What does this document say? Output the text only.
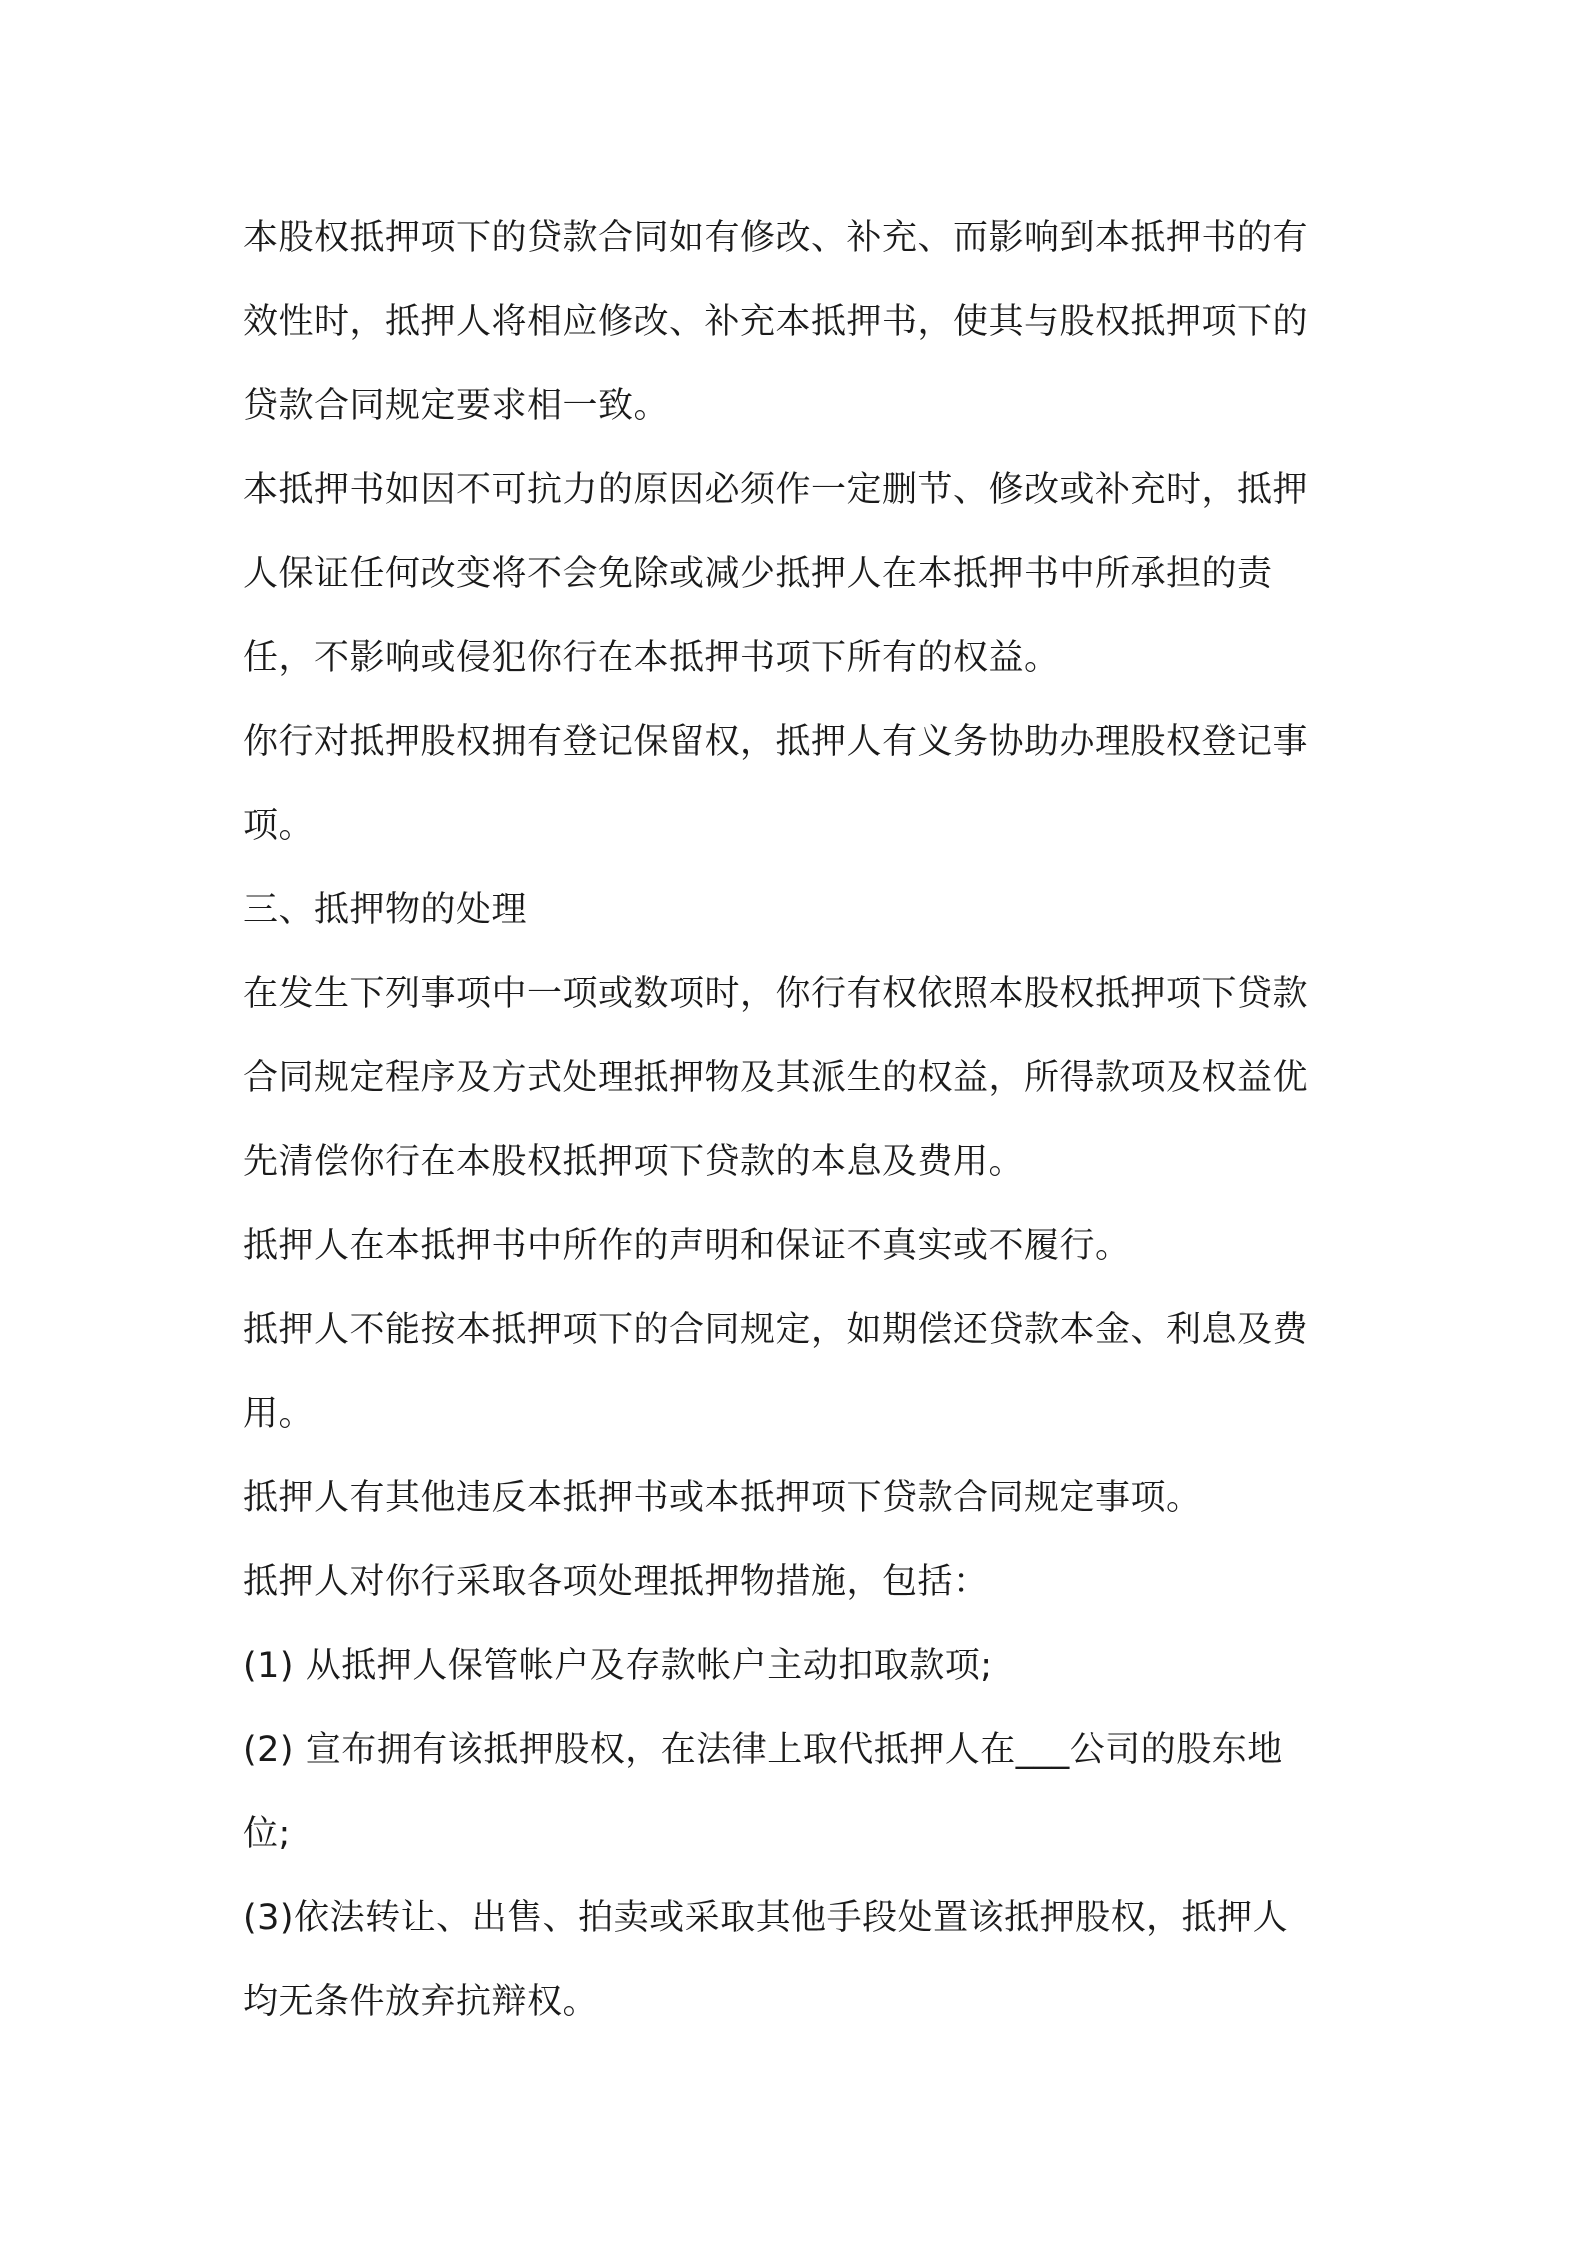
本股权抵押项下的贷款合同如有修改、补充、而影响到本抵押书的有
效性时，抵押人将相应修改、补充本抵押书，使其与股权抵押项下的
贷款合同规定要求相一致。

本抵押书如因不可抗力的原因必须作一定删节、修改或补充时，抵押
人保证任何改变将不会免除或减少抵押人在本抵押书中所承担的责
任，不影响或侵犯你行在本抵押书项下所有的权益。

你行对抵押股权拥有登记保留权，抵押人有义务协助办理股权登记事
项。

三、抵押物的处理

在发生下列事项中一项或数项时，你行有权依照本股权抵押项下贷款
合同规定程序及方式处理抵押物及其派生的权益，所得款项及权益优
先清偿你行在本股权抵押项下贷款的本息及费用。

抵押人在本抵押书中所作的声明和保证不真实或不履行。

抵押人不能按本抵押项下的合同规定，如期偿还贷款本金、利息及费
用。

抵押人有其他违反本抵押书或本抵押项下贷款合同规定事项。

抵押人对你行采取各项处理抵押物措施，包括：

(1) 从抵押人保管帐户及存款帐户主动扣取款项;

(2) 宣布拥有该抵押股权，在法律上取代抵押人在___公司的股东地
位;

(3)依法转让、出售、拍卖或采取其他手段处置该抵押股权，抵押人
均无条件放弃抗辩权。
